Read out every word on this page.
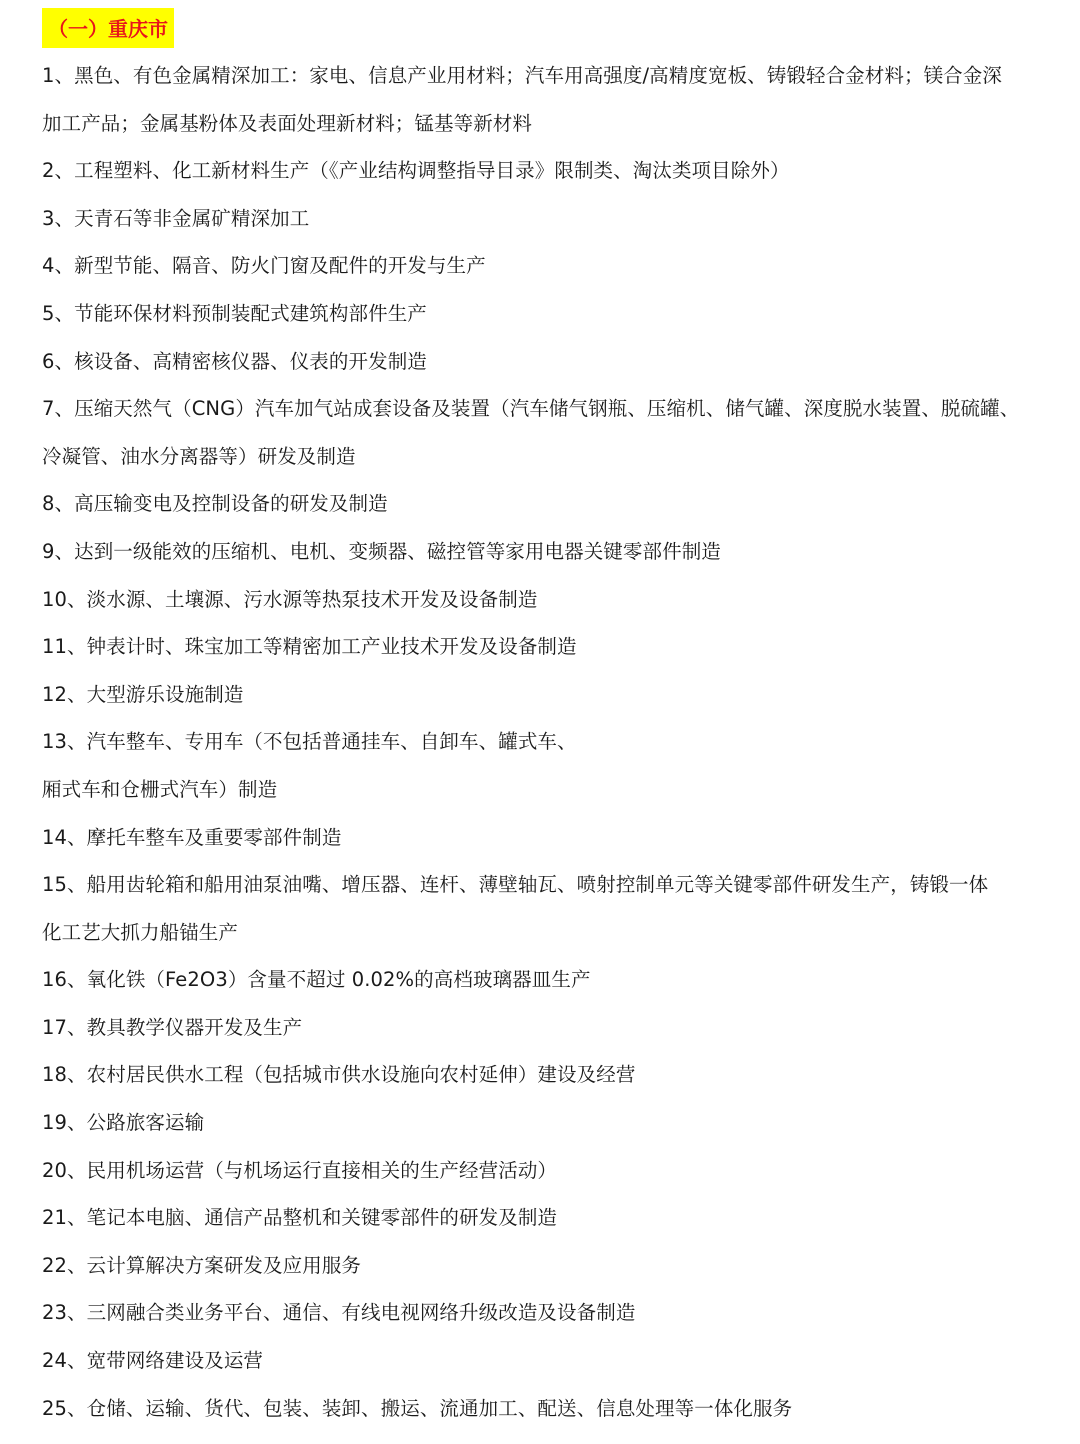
（一）重庆市
1、黑色、有色金属精深加工：家电、信息产业用材料；汽车用高强度/高精度宽板、铸锻轻合金材料；镁合金深
加工产品；金属基粉体及表面处理新材料；锰基等新材料
2、工程塑料、化工新材料生产（《产业结构调整指导目录》限制类、淘汰类项目除外）
3、天青石等非金属矿精深加工
4、新型节能、隔音、防火门窗及配件的开发与生产
5、节能环保材料预制装配式建筑构部件生产
6、核设备、高精密核仪器、仪表的开发制造
7、压缩天然气（CNG）汽车加气站成套设备及装置（汽车储气钢瓶、压缩机、储气罐、深度脱水装置、脱硫罐、
冷凝管、油水分离器等）研发及制造
8、高压输变电及控制设备的研发及制造
9、达到一级能效的压缩机、电机、变频器、磁控管等家用电器关键零部件制造
10、淡水源、土壤源、污水源等热泵技术开发及设备制造
11、钟表计时、珠宝加工等精密加工产业技术开发及设备制造
12、大型游乐设施制造
13、汽车整车、专用车（不包括普通挂车、自卸车、罐式车、
厢式车和仓栅式汽车）制造
14、摩托车整车及重要零部件制造
15、船用齿轮箱和船用油泵油嘴、增压器、连杆、薄壁轴瓦、喷射控制单元等关键零部件研发生产，铸锻一体
化工艺大抓力船锚生产
16、氧化铁（Fe2O3）含量不超过 0.02%的高档玻璃器皿生产
17、教具教学仪器开发及生产
18、农村居民供水工程（包括城市供水设施向农村延伸）建设及经营
19、公路旅客运输
20、民用机场运营（与机场运行直接相关的生产经营活动）
21、笔记本电脑、通信产品整机和关键零部件的研发及制造
22、云计算解决方案研发及应用服务
23、三网融合类业务平台、通信、有线电视网络升级改造及设备制造
24、宽带网络建设及运营
25、仓储、运输、货代、包装、装卸、搬运、流通加工、配送、信息处理等一体化服务
